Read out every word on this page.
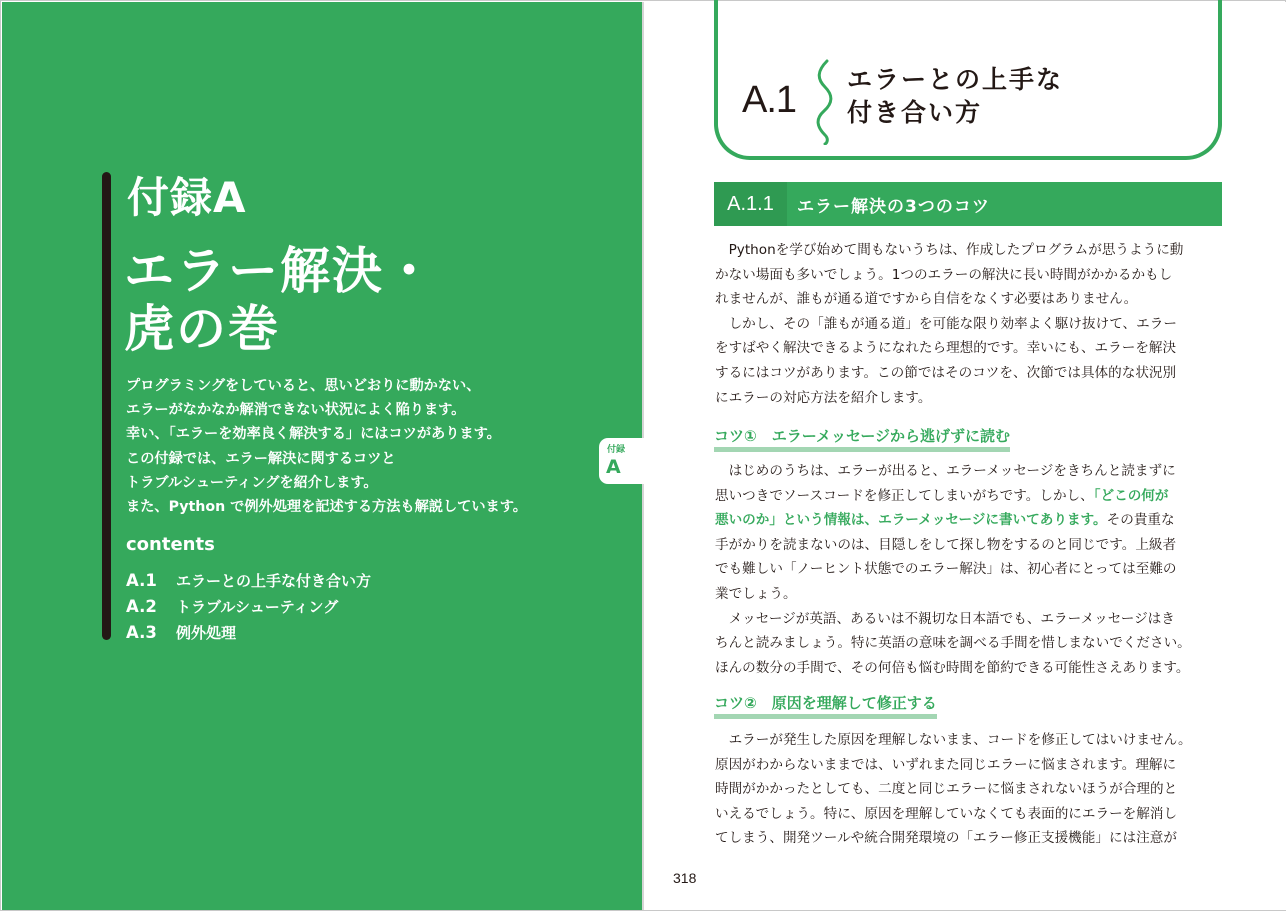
付録A
エラー解決・
虎の巻
プログラミングをしていると、思いどおりに動かない、
エラーがなかなか解消できない状況によく陥ります。
幸い、「エラーを効率良く解決する」にはコツがあります。
この付録では、エラー解決に関するコツと
トラブルシューティングを紹介します。
また、Python で例外処理を記述する方法も解説しています。
contents
A.1	エラーとの上手な付き合い方
A.2	トラブルシューティング
A.3	例外処理
付録
A
A.1 エラーとの上手な
付き合い方
A.1.1	エラー解決の3つのコツ
　Pythonを学び始めて間もないうちは、作成したプログラムが思うように動
かない場面も多いでしょう。1つのエラーの解決に長い時間がかかるかもし
れませんが、誰もが通る道ですから自信をなくす必要はありません。
　しかし、その「誰もが通る道」を可能な限り効率よく駆け抜けて、エラー
をすばやく解決できるようになれたら理想的です。幸いにも、エラーを解決
するにはコツがあります。この節ではそのコツを、次節では具体的な状況別
にエラーの対応方法を紹介します。
コツ①　エラーメッセージから逃げずに読む
　はじめのうちは、エラーが出ると、エラーメッセージをきちんと読まずに
思いつきでソースコードを修正してしまいがちです。しかし、「どこの何が
悪いのか」という情報は、エラーメッセージに書いてあります。その貴重な
手がかりを読まないのは、目隠しをして探し物をするのと同じです。上級者
でも難しい「ノーヒント状態でのエラー解決」は、初心者にとっては至難の
業でしょう。
　メッセージが英語、あるいは不親切な日本語でも、エラーメッセージはき
ちんと読みましょう。特に英語の意味を調べる手間を惜しまないでください。
ほんの数分の手間で、その何倍も悩む時間を節約できる可能性さえあります。
コツ②　原因を理解して修正する
　エラーが発生した原因を理解しないまま、コードを修正してはいけません。
原因がわからないままでは、いずれまた同じエラーに悩まされます。理解に
時間がかかったとしても、二度と同じエラーに悩まされないほうが合理的と
いえるでしょう。特に、原因を理解していなくても表面的にエラーを解消し
てしまう、開発ツールや統合開発環境の「エラー修正支援機能」には注意が
318
